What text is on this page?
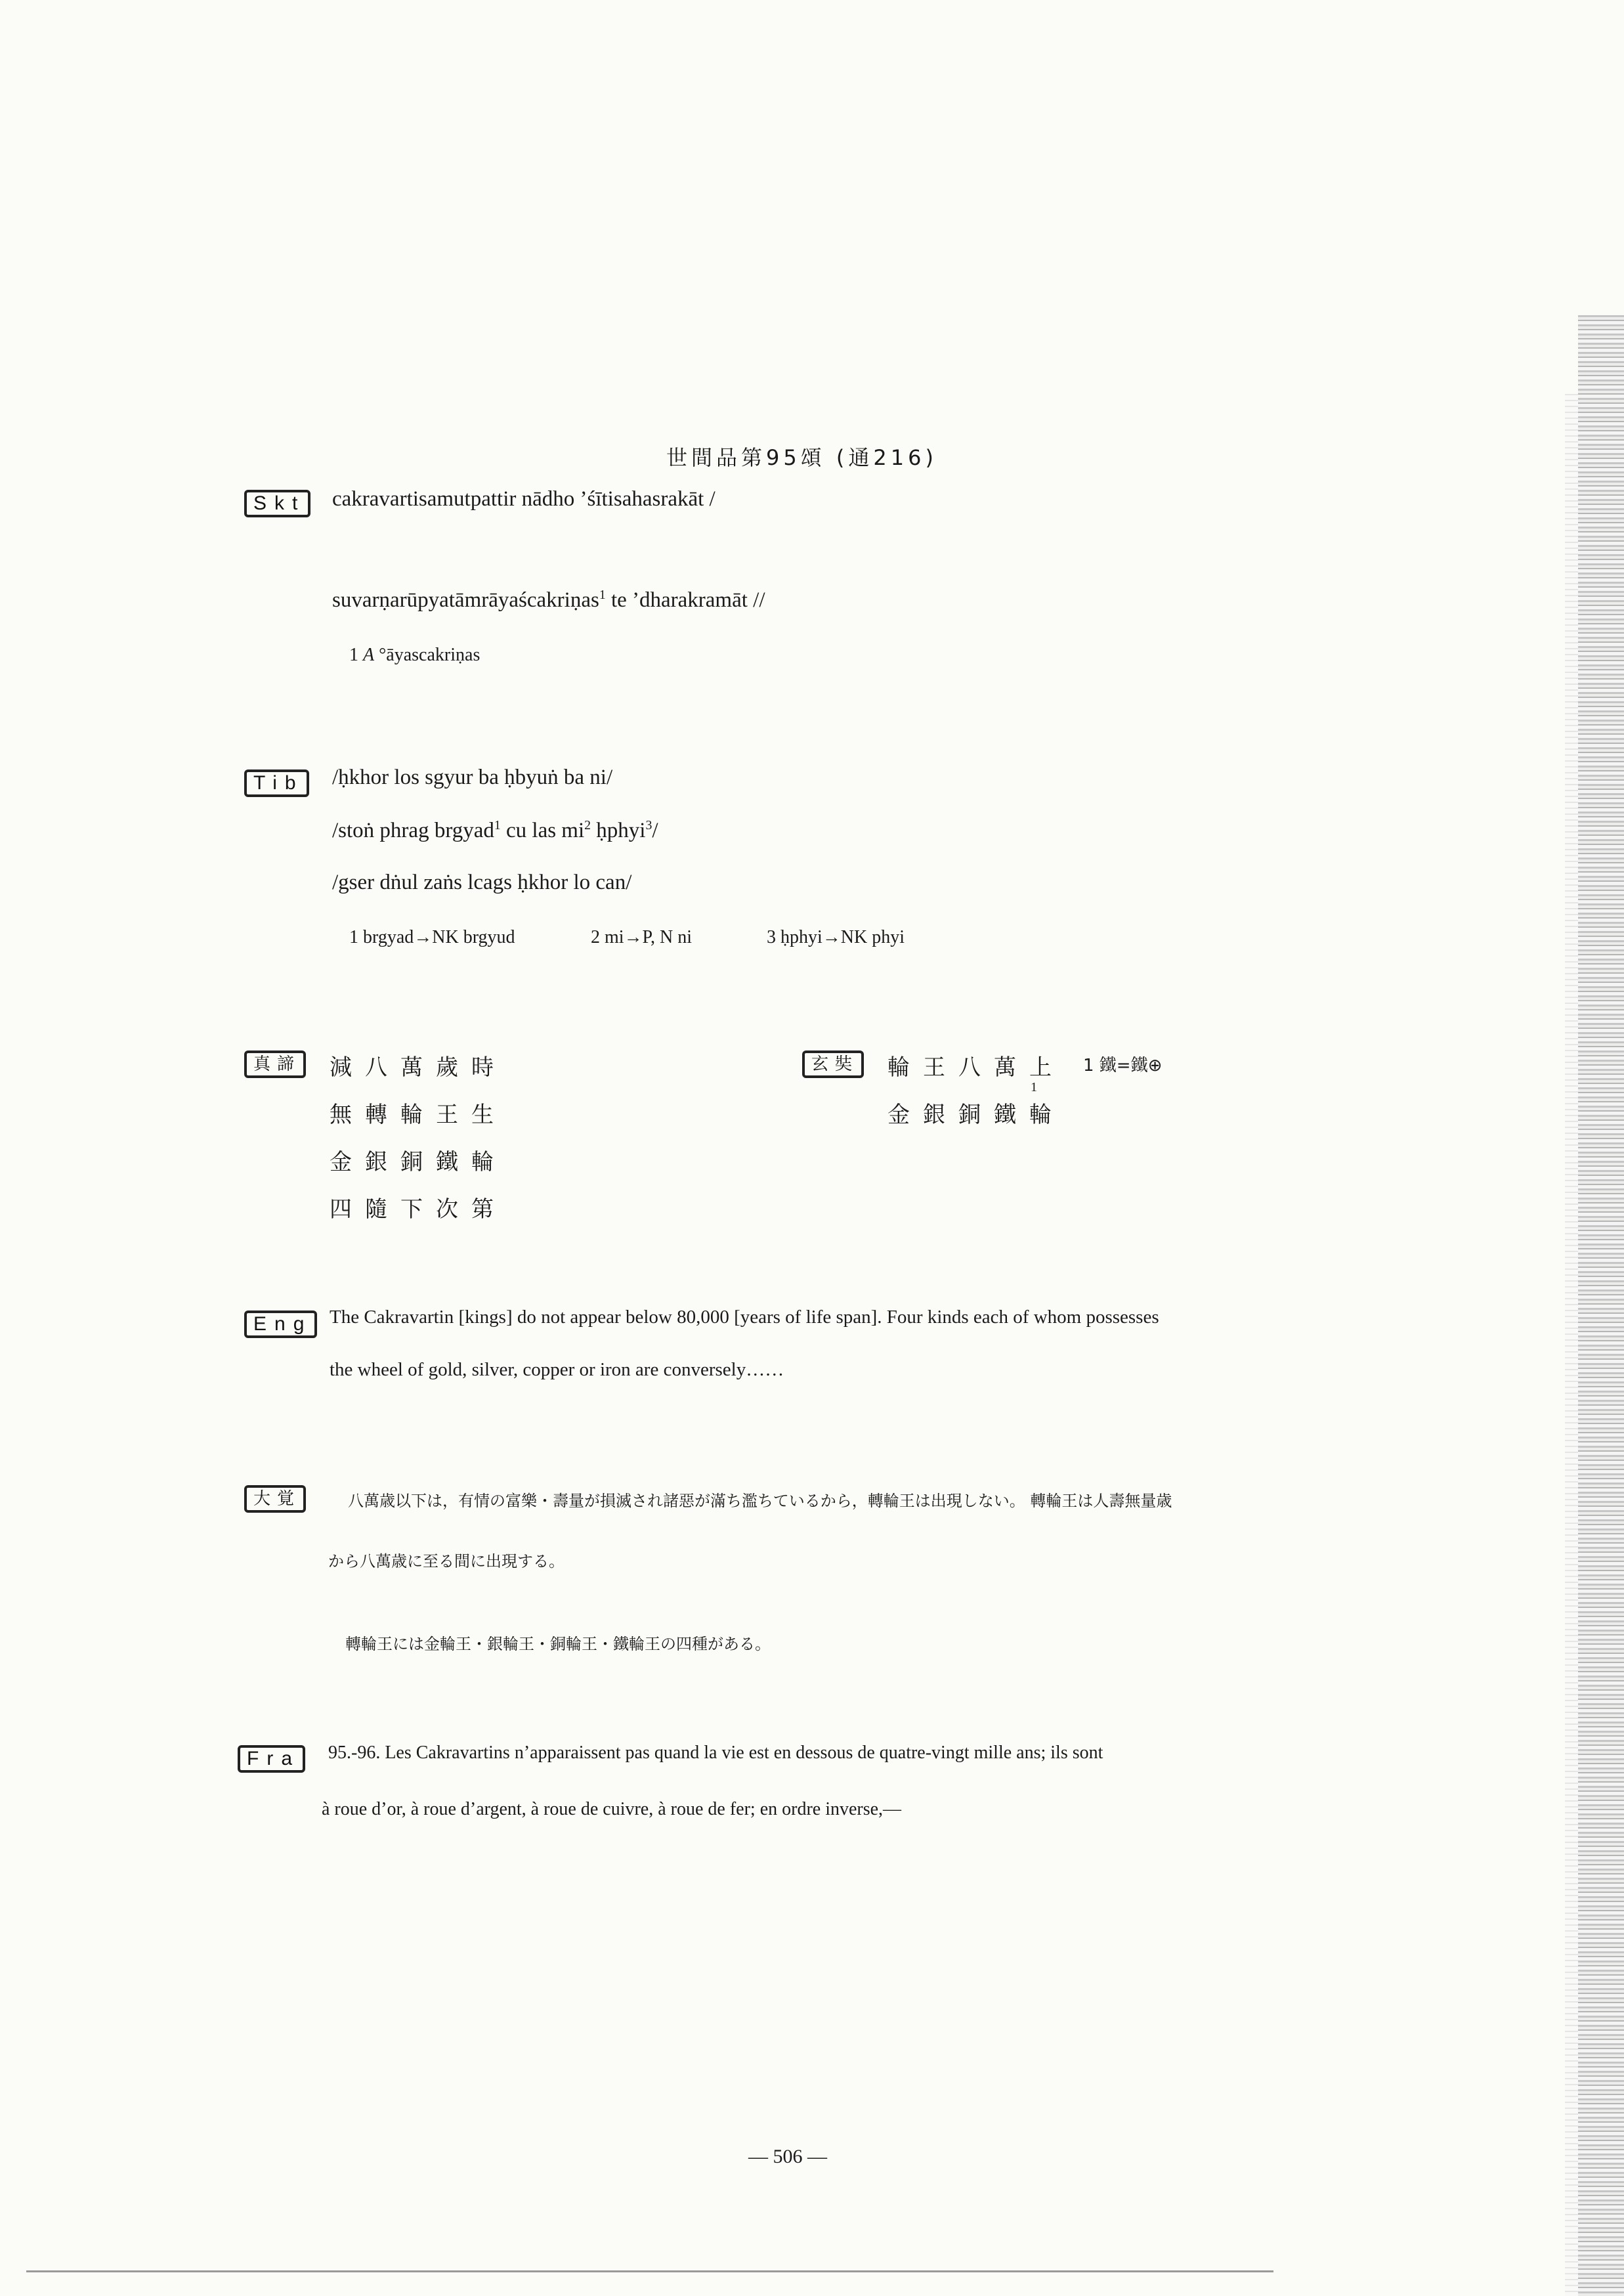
世間品第95頌 (通216)
Skt cakravartisamutpattir nādho ’śītisahasrakāt /
suvarṇarūpyatāmrāyaścakriṇas$^1$ te ’dharakramāt //
1 A °āyascakriṇas
Tib /ḥkhor los sgyur ba ḥbyuṅ ba ni/
/stoṅ phrag brgyad$^1$ cu las $mi^2$ ḥphyi$^3$/
/gser dṅul zaṅs lcags ḥkhor lo can/
1 brgyad→NK brgyud	2 mi→P, N ni	3 ḥphyi→NK phyi
真諦 減八萬歲時
無轉輪王生
金銀銅鐵輪
四隨下次第
玄奘 輪王八萬上 1 鐵=鐵⊕
1
金銀銅鐵輪
Eng The Cakravartin [kings] do not appear below 80,000 [years of life span]. Four kinds each of whom possesses
the wheel of gold, silver, copper or iron are conversely……
大覚	八萬歳以下は，有情の富樂・壽量が損滅され諸惡が滿ち濫ちているから，轉輪王は出現しない。 轉輪王は人壽無量歳
から八萬歳に至る間に出現する。
轉輪王には金輪王・銀輪王・銅輪王・鐵輪王の四種がある。
Fra 95.-96. Les Cakravartins n’apparaissent pas quand la vie est en dessous de quatre-vingt mille ans; ils sont
à roue d’or, à roue d’argent, à roue de cuivre, à roue de fer; en ordre inverse,—
— 506 —
